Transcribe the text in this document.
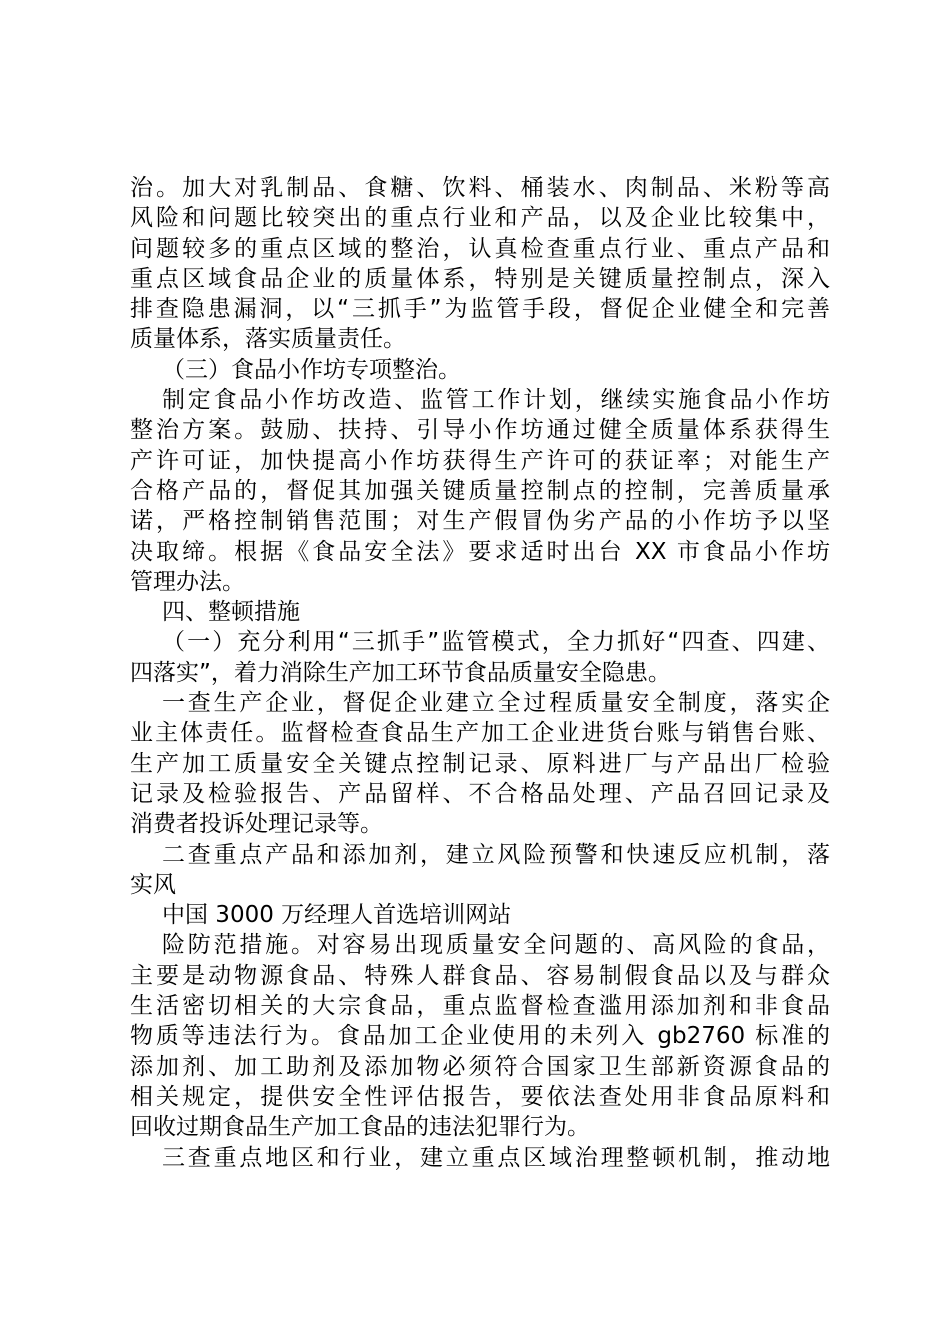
治。加大对乳制品、食糖、饮料、桶装水、肉制品、米粉等高
风险和问题比较突出的重点行业和产品，以及企业比较集中，
问题较多的重点区域的整治，认真检查重点行业、重点产品和
重点区域食品企业的质量体系，特别是关键质量控制点，深入
排查隐患漏洞，以“三抓手”为监管手段，督促企业健全和完善
质量体系，落实质量责任。
（三）食品小作坊专项整治。
制定食品小作坊改造、监管工作计划，继续实施食品小作坊
整治方案。鼓励、扶持、引导小作坊通过健全质量体系获得生
产许可证，加快提高小作坊获得生产许可的获证率；对能生产
合格产品的，督促其加强关键质量控制点的控制，完善质量承
诺，严格控制销售范围；对生产假冒伪劣产品的小作坊予以坚
决取缔。根据《食品安全法》要求适时出台 XX 市食品小作坊
管理办法。
四、整顿措施
（一）充分利用“三抓手”监管模式，全力抓好“四查、四建、
四落实”，着力消除生产加工环节食品质量安全隐患。
一查生产企业，督促企业建立全过程质量安全制度，落实企
业主体责任。监督检查食品生产加工企业进货台账与销售台账、
生产加工质量安全关键点控制记录、原料进厂与产品出厂检验
记录及检验报告、产品留样、不合格品处理、产品召回记录及
消费者投诉处理记录等。
二查重点产品和添加剂，建立风险预警和快速反应机制，落
实风
中国 3000 万经理人首选培训网站
险防范措施。对容易出现质量安全问题的、高风险的食品，
主要是动物源食品、特殊人群食品、容易制假食品以及与群众
生活密切相关的大宗食品，重点监督检查滥用添加剂和非食品
物质等违法行为。食品加工企业使用的未列入 gb2760 标准的
添加剂、加工助剂及添加物必须符合国家卫生部新资源食品的
相关规定，提供安全性评估报告，要依法查处用非食品原料和
回收过期食品生产加工食品的违法犯罪行为。
三查重点地区和行业，建立重点区域治理整顿机制，推动地
